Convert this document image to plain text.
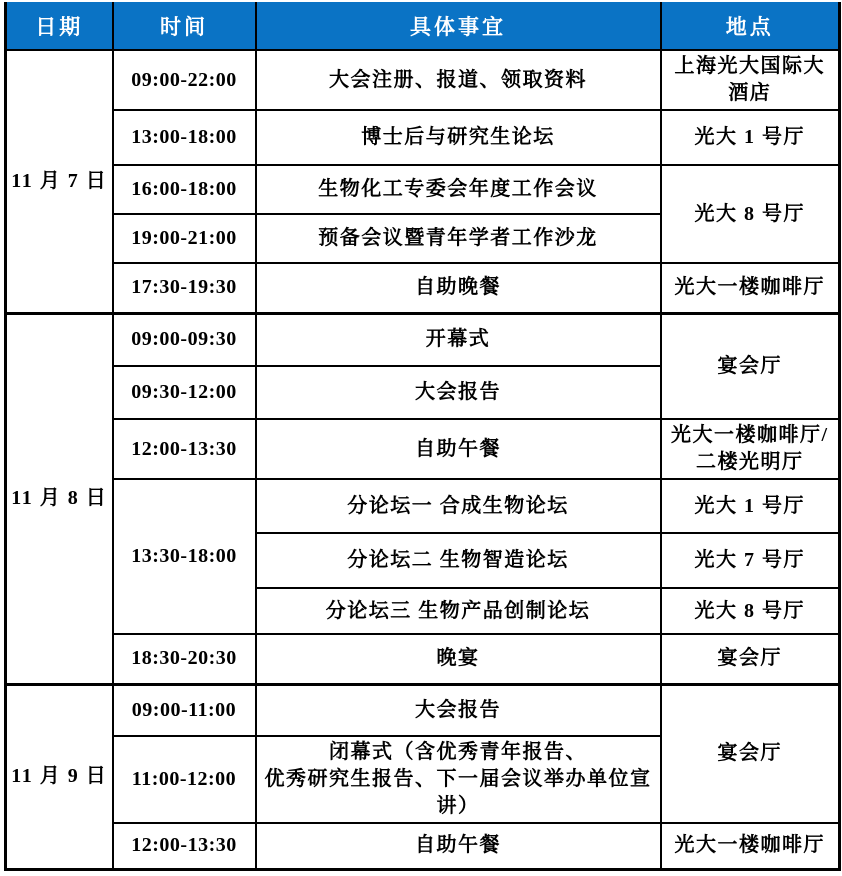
日期	时间	具体事宜	地点
11 月 7 日	09:00-22:00	大会注册、报道、领取资料	上海光大国际大酒店
	13:00-18:00	博士后与研究生论坛	光大 1 号厅
	16:00-18:00	生物化工专委会年度工作会议	光大 8 号厅
	19:00-21:00	预备会议暨青年学者工作沙龙	
	17:30-19:30	自助晚餐	光大一楼咖啡厅
11 月 8 日	09:00-09:30	开幕式	宴会厅
	09:30-12:00	大会报告	
	12:00-13:30	自助午餐	光大一楼咖啡厅/
二楼光明厅
	13:30-18:00	分论坛一 合成生物论坛	光大 1 号厅
		分论坛二 生物智造论坛	光大 7 号厅
		分论坛三 生物产品创制论坛	光大 8 号厅
	18:30-20:30	晚宴	宴会厅
11 月 9 日	09:00-11:00	大会报告	宴会厅
	11:00-12:00	闭幕式（含优秀青年报告、
优秀研究生报告、下一届会议举办单位宣讲）	
	12:00-13:30	自助午餐	光大一楼咖啡厅
